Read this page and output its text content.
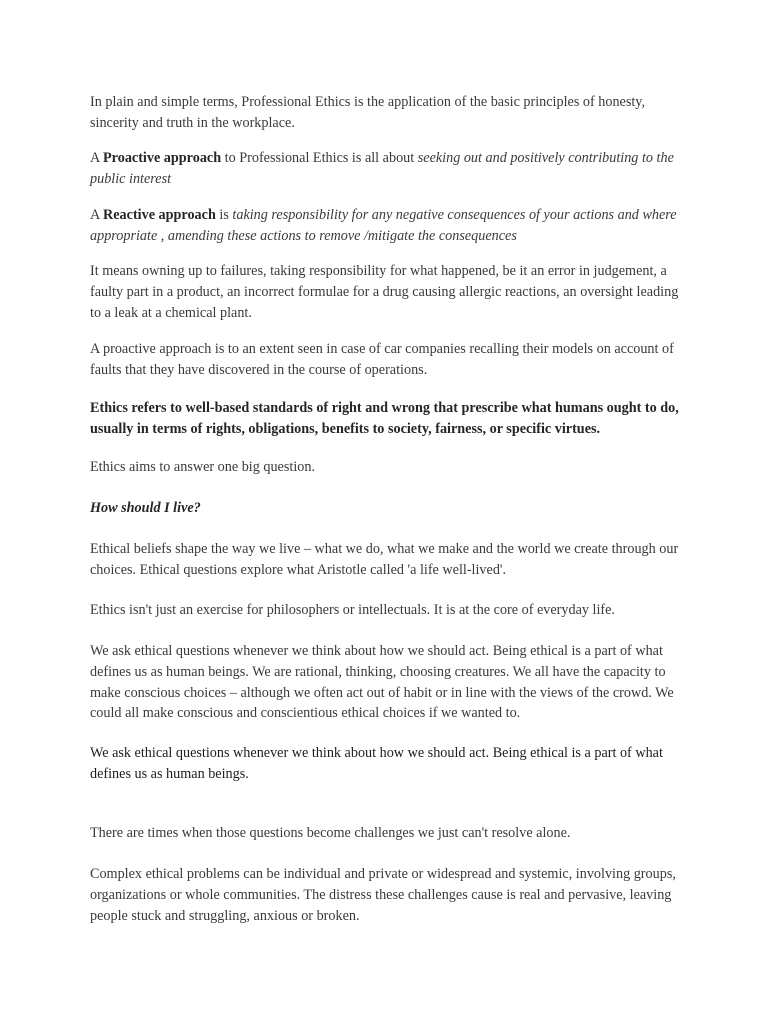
In plain and simple terms, Professional Ethics is the application of the basic principles of honesty, sincerity and truth in the workplace.

A Proactive approach to Professional Ethics is all about seeking out and positively contributing to the public interest

A Reactive approach is taking responsibility for any negative consequences of your actions and where appropriate , amending these actions to remove /mitigate the consequences

It means owning up to failures, taking responsibility for what happened, be it an error in judgement, a faulty part in a product, an incorrect formulae for a drug causing allergic reactions, an oversight leading to a leak at a chemical plant.

A proactive approach is to an extent seen in case of car companies recalling their models on account of faults that they have discovered in the course of operations.

Ethics refers to well-based standards of right and wrong that prescribe what humans ought to do, usually in terms of rights, obligations, benefits to society, fairness, or specific virtues.

Ethics aims to answer one big question.

How should I live?

Ethical beliefs shape the way we live – what we do, what we make and the world we create through our choices. Ethical questions explore what Aristotle called 'a life well-lived'.

Ethics isn't just an exercise for philosophers or intellectuals. It is at the core of everyday life.

We ask ethical questions whenever we think about how we should act. Being ethical is a part of what defines us as human beings. We are rational, thinking, choosing creatures. We all have the capacity to make conscious choices – although we often act out of habit or in line with the views of the crowd. We could all make conscious and conscientious ethical choices if we wanted to.

We ask ethical questions whenever we think about how we should act. Being ethical is a part of what defines us as human beings.

There are times when those questions become challenges we just can't resolve alone.

Complex ethical problems can be individual and private or widespread and systemic, involving groups, organizations or whole communities. The distress these challenges cause is real and pervasive, leaving people stuck and struggling, anxious or broken.
